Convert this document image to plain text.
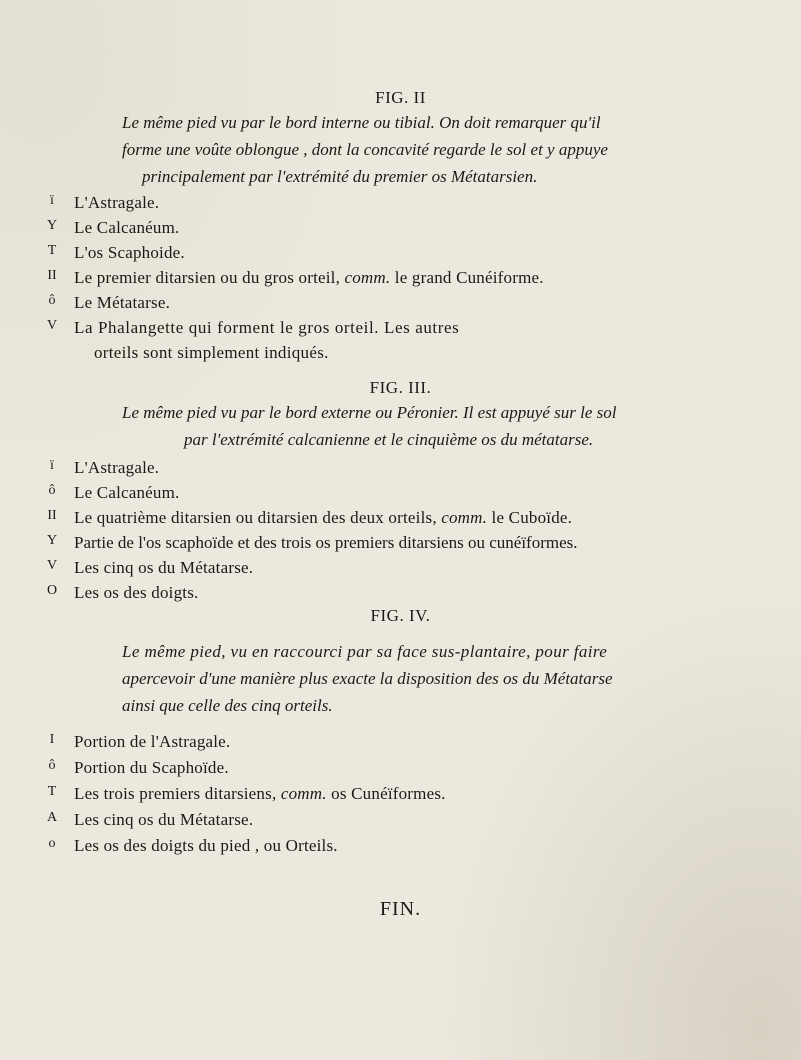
FIG. II
Le même pied vu par le bord interne ou tibial. On doit remarquer qu'il
forme une voûte oblongue , dont la concavité regarde le sol et y appuye
principalement par l'extrémité du premier os Métatarsien.
ï	L'Astragale.
Y Le Calcanéum.
T	L'os Scaphoide.
II	Le premier ditarsien ou du gros orteil, comm. le grand Cunéiforme.
ô	Le Métatarse.
V La Phalangette qui forment le gros orteil. Les autres
orteils sont simplement indiqués.
FIG. III.
Le même pied vu par le bord externe ou Péronier. Il est appuyé sur le sol
par l'extrémité calcanienne et le cinquième os du métatarse.
ï	L'Astragale.
ô	Le Calcanéum.
II	Le quatrième ditarsien ou ditarsien des deux orteils, comm. le Cuboïde.
Y Partie de l'os scaphoïde et des trois os premiers ditarsiens ou cunéïformes.
V Les cinq os du Métatarse.
O Les os des doigts.
FIG. IV.
Le même pied, vu en raccourci par sa face sus-plantaire, pour faire
apercevoir d'une manière plus exacte la disposition des os du Métatarse
ainsi que celle des cinq orteils.
I	Portion de l'Astragale.
ô	Portion du Scaphoïde.
T	Les trois premiers ditarsiens, comm. os Cunéïformes.
A Les cinq os du Métatarse.
o	Les os des doigts du pied , ou Orteils.
FIN.
